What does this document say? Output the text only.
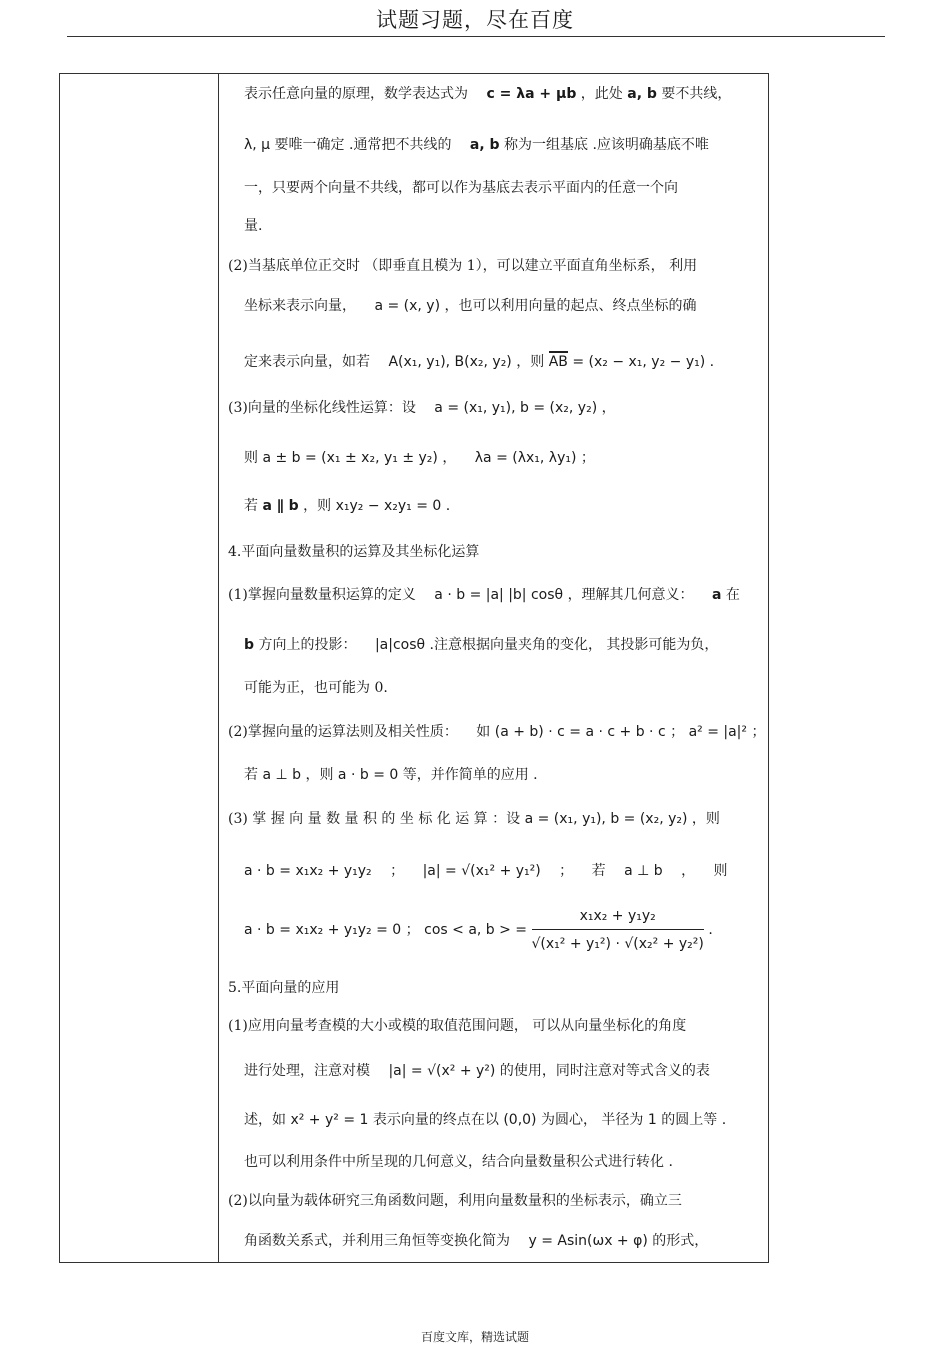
试题习题，尽在百度
表示任意向量的原理，数学表达式为 c = λa + μb ，此处 a, b 要不共线，
λ, μ 要唯一确定 .通常把不共线的 a, b 称为一组基底 .应该明确基底不唯
一，只要两个向量不共线，都可以作为基底去表示平面内的任意一个向
量.
(2)当基底单位正交时 （即垂直且模为 1），可以建立平面直角坐标系， 利用
坐标来表示向量， a = (x, y) ，也可以利用向量的起点、终点坐标的确
定来表示向量，如若 A(x₁, y₁), B(x₂, y₂) ，则 AB = (x₂ − x₁, y₂ − y₁) .
(3)向量的坐标化线性运算：设 a = (x₁, y₁), b = (x₂, y₂) ，
则 a ± b = (x₁ ± x₂, y₁ ± y₂) ， λa = (λx₁, λy₁) ；
若 a ∥ b ，则 x₁y₂ − x₂y₁ = 0 .
4.平面向量数量积的运算及其坐标化运算
(1)掌握向量数量积运算的定义 a · b = |a| |b| cosθ ，理解其几何意义： a 在
b 方向上的投影： |a|cosθ .注意根据向量夹角的变化， 其投影可能为负，
可能为正，也可能为 0.
(2)掌握向量的运算法则及相关性质： 如 (a + b) · c = a · c + b · c ； a² = |a|² ；
若 a ⊥ b ，则 a · b = 0 等，并作简单的应用 .
(3) 掌 握 向 量 数 量 积 的 坐 标 化 运 算 ：设 a = (x₁, y₁), b = (x₂, y₂) ，则
a · b = x₁x₂ + y₁y₂ ； |a| = √(x₁² + y₁²) ； 若 a ⊥ b ， 则
a · b = x₁x₂ + y₁y₂ = 0 ； cos < a, b > = $\frac{\text{x₁x₂ + y₁y₂}}{\text{√(x₁² + y₁²) · √(x₂² + y₂²)}}$ .
5.平面向量的应用
(1)应用向量考查模的大小或模的取值范围问题， 可以从向量坐标化的角度
进行处理，注意对模 |a| = √(x² + y²) 的使用，同时注意对等式含义的表
述，如 x² + y² = 1 表示向量的终点在以 (0,0) 为圆心， 半径为 1 的圆上等 .
也可以利用条件中所呈现的几何意义，结合向量数量积公式进行转化 .
(2)以向量为载体研究三角函数问题，利用向量数量积的坐标表示，确立三
角函数关系式，并利用三角恒等变换化简为 y = Asin(ωx + φ) 的形式，
百度文库，精选试题
